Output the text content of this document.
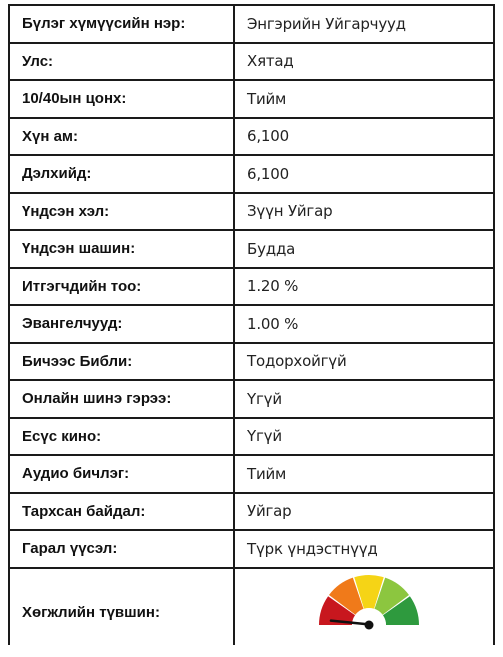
Бүлэг хүмүүсийн нэр:	Энгэрийн Уйгарчууд
Улс:	Хятад
10/40ын цонх:	Тийм
Хүн ам:	6,100
Дэлхийд:	6,100
Үндсэн хэл:	Зүүн Уйгар
Үндсэн шашин:	Будда
Итгэгчдийн тоо:	1.20 %
Эвангелчууд:	1.00 %
Бичээс Библи:	Тодорхойгүй
Онлайн шинэ гэрээ:	Үгүй
Есүс кино:	Үгүй
Аудио бичлэг:	Тийм
Тархсан байдал:	Уйгар
Гарал үүсэл:	Түрк үндэстнүүд
Хөгжлийн түвшин:	
